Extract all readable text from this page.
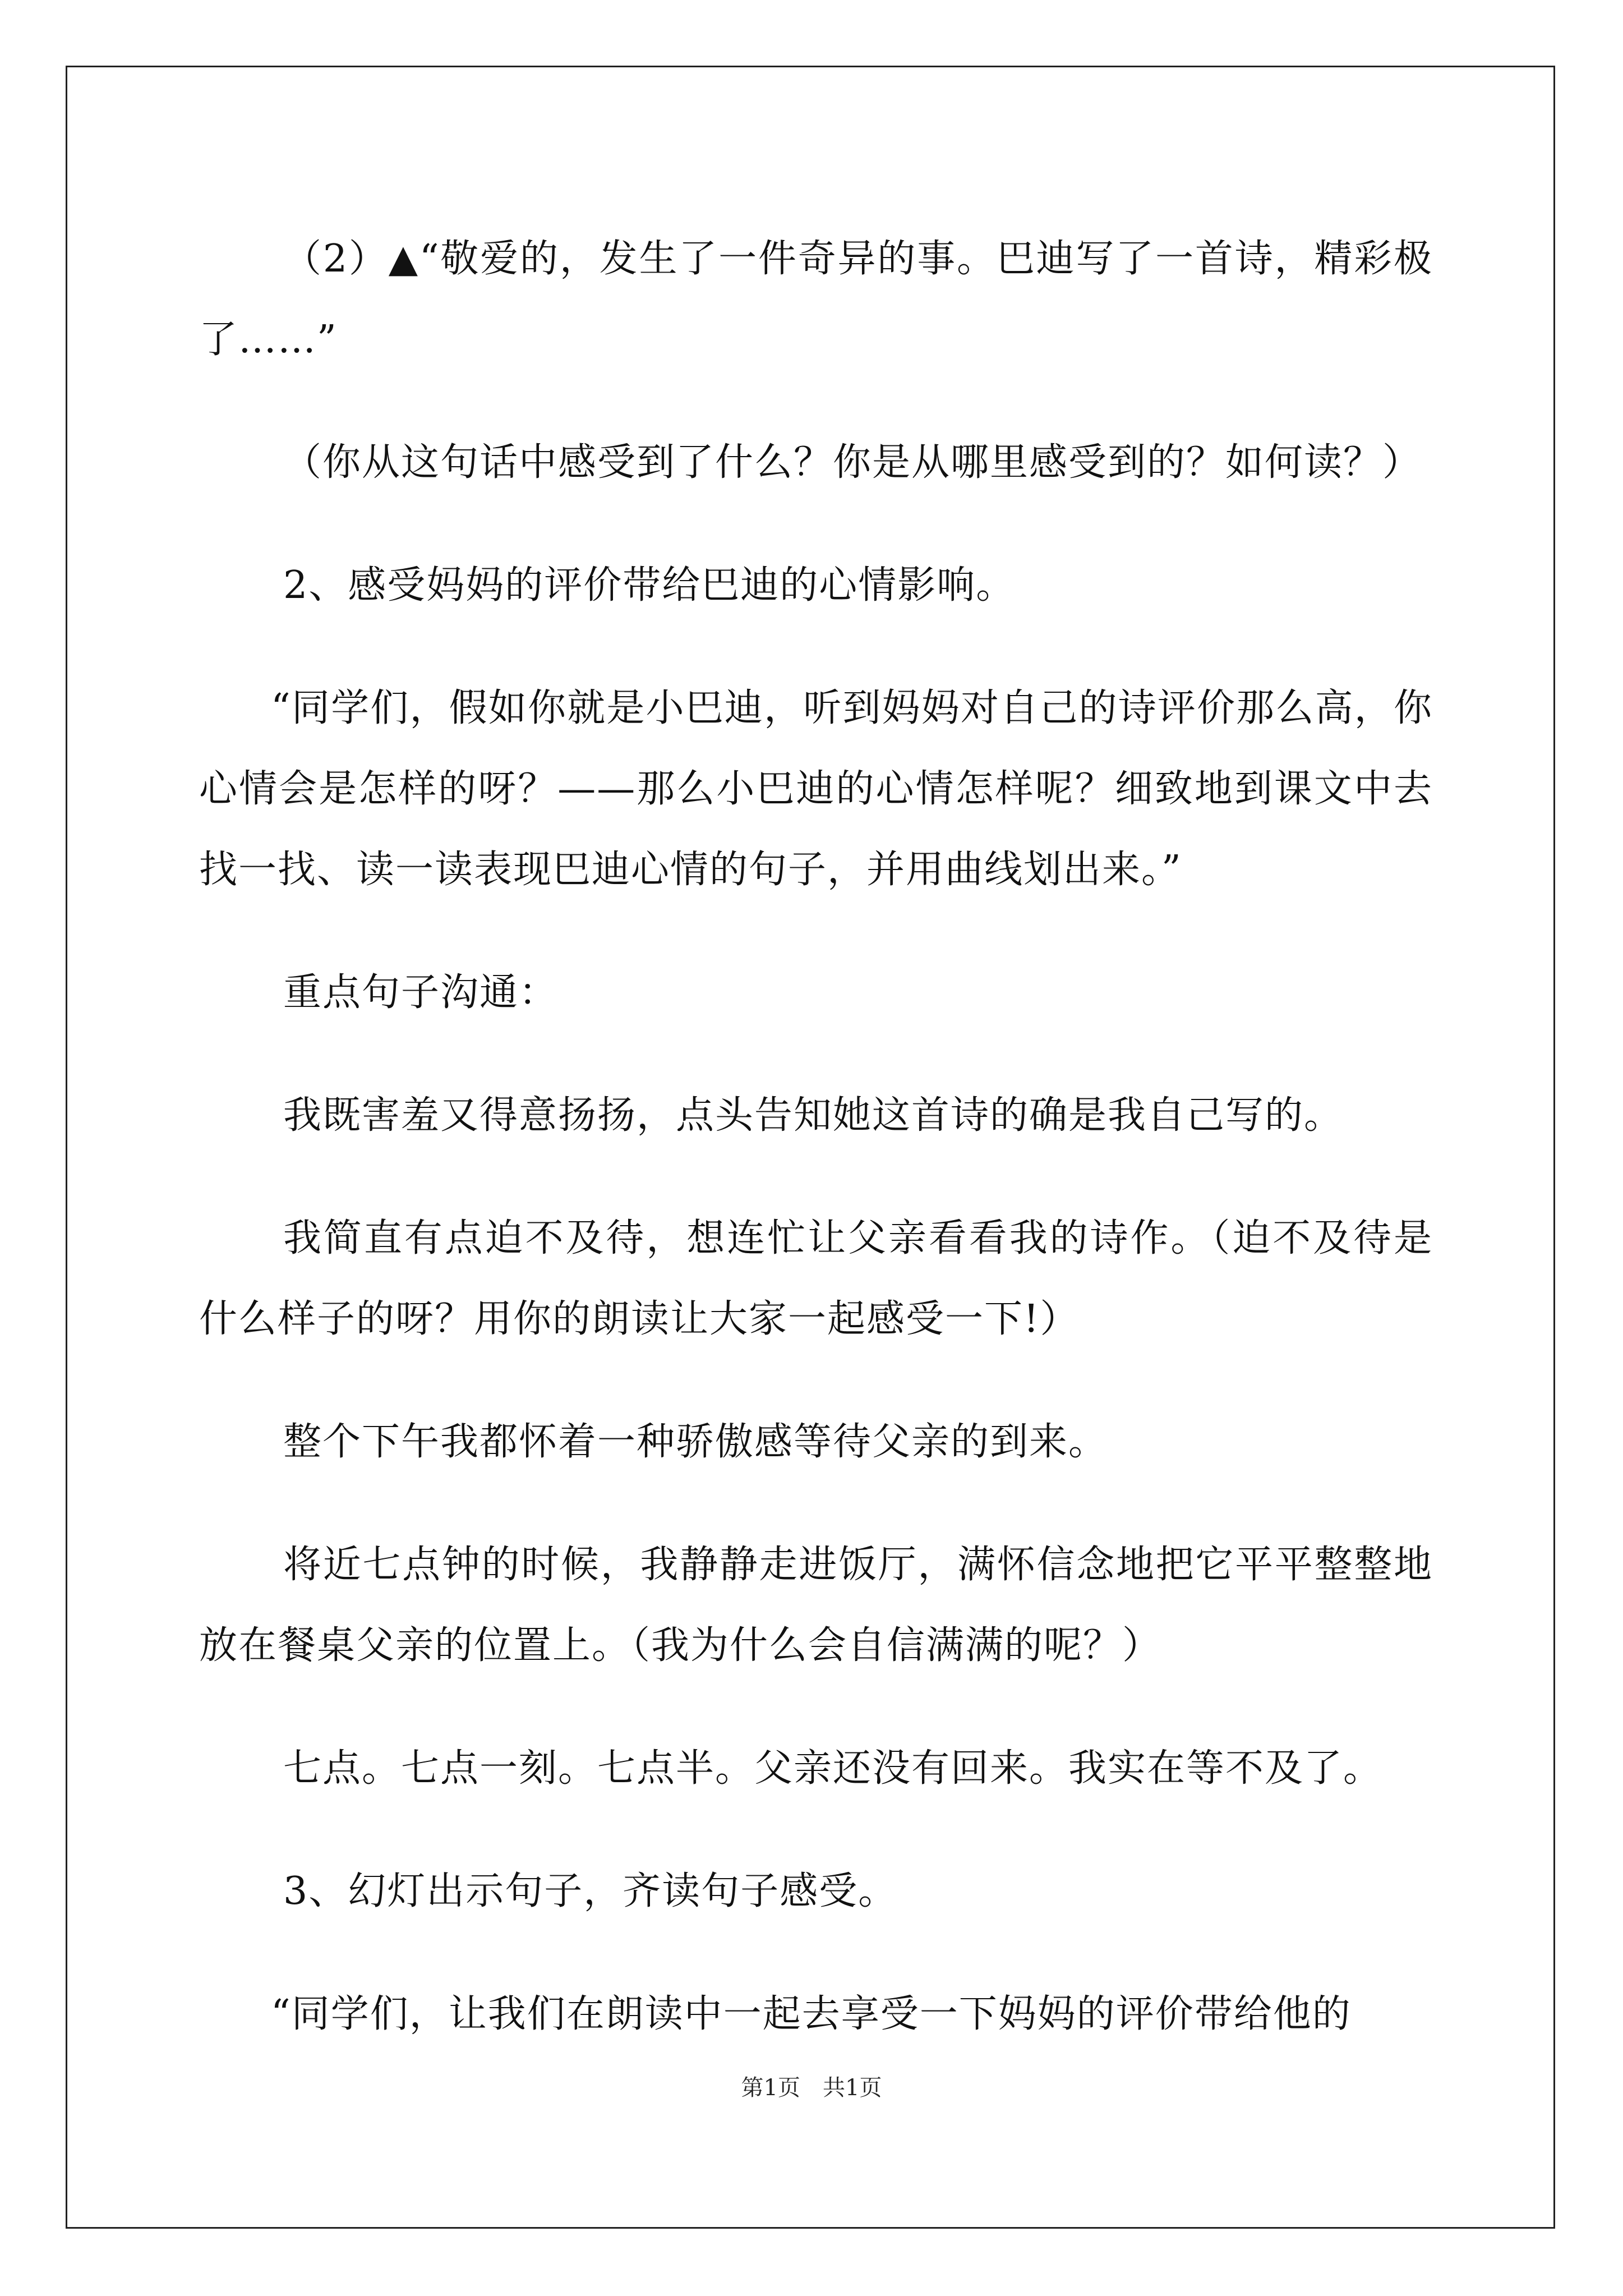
（2）▲“敬爱的，发生了一件奇异的事。巴迪写了一首诗，精彩极了……”

（你从这句话中感受到了什么？你是从哪里感受到的？如何读？）

2、感受妈妈的评价带给巴迪的心情影响。

“同学们，假如你就是小巴迪，听到妈妈对自己的诗评价那么高，你心情会是怎样的呀？——那么小巴迪的心情怎样呢？细致地到课文中去找一找、读一读表现巴迪心情的句子，并用曲线划出来。”

重点句子沟通：

我既害羞又得意扬扬，点头告知她这首诗的确是我自己写的。

我简直有点迫不及待，想连忙让父亲看看我的诗作。（迫不及待是什么样子的呀？用你的朗读让大家一起感受一下!）

整个下午我都怀着一种骄傲感等待父亲的到来。

将近七点钟的时候，我静静走进饭厅，满怀信念地把它平平整整地放在餐桌父亲的位置上。（我为什么会自信满满的呢？）

七点。七点一刻。七点半。父亲还没有回来。我实在等不及了。

3、幻灯出示句子，齐读句子感受。

“同学们，让我们在朗读中一起去享受一下妈妈的评价带给他的

第1页　共1页
